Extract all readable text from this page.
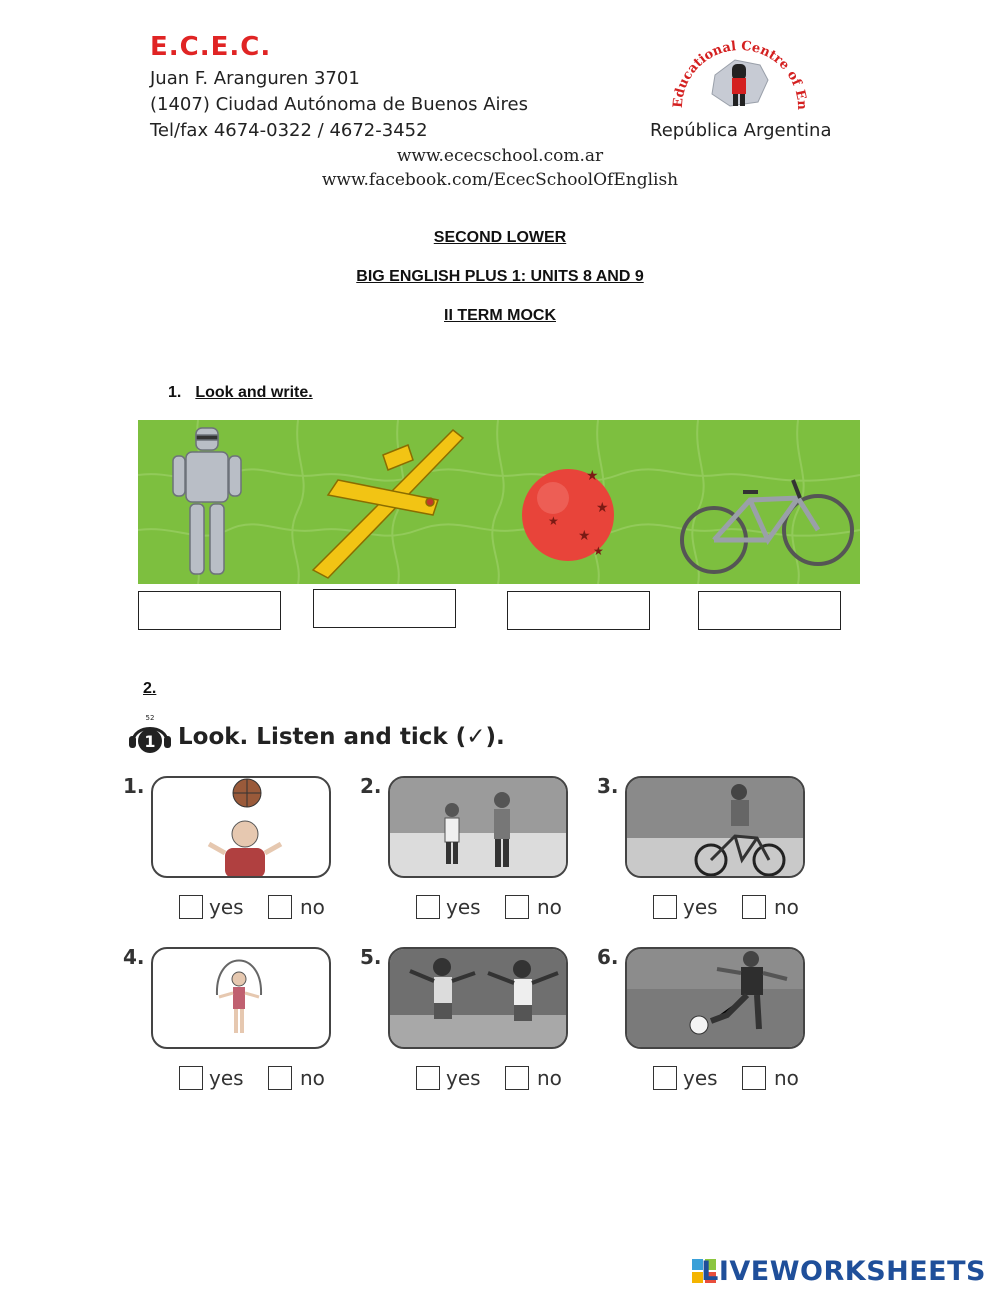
E.C.E.C.
Juan F. Aranguren 3701
(1407) Ciudad Autónoma de Buenos Aires
Tel/fax 4674-0322 / 4672-3452
www.ececschool.com.ar
www.facebook.com/EcecSchoolOfEnglish
Educational Centre of En
República Argentina
SECOND LOWER
BIG ENGLISH PLUS 1: UNITS 8 AND 9
II TERM MOCK
1. Look and write.
★
★
★
★
★
2.
1
52
Look. Listen and tick (✓).
1.	2.	3.
yes	no	yes	no	yes	no
4.	5.	6.
yes	no	yes	no	yes	no
LIVEWORKSHEETS
